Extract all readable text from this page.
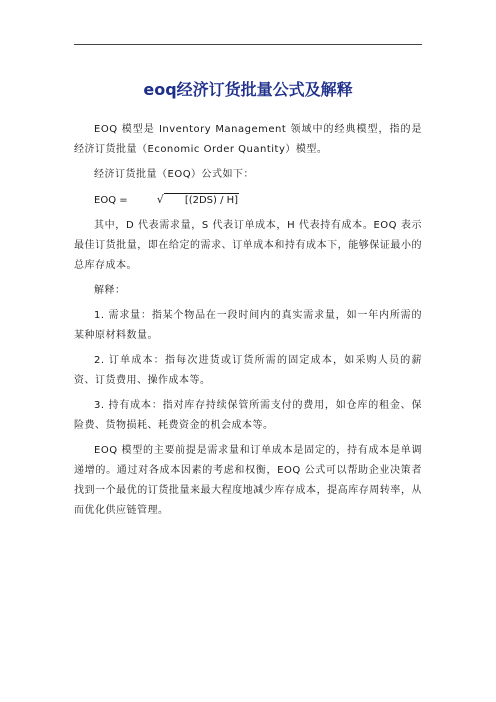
eoq经济订货批量公式及解释

EOQ 模型是 Inventory Management 领域中的经典模型，指的是经济订货批量（Economic Order Quantity）模型。

经济订货批量（EOQ）公式如下：

EOQ = √ [(2DS) / H]

其中，D 代表需求量，S 代表订单成本，H 代表持有成本。EOQ 表示最佳订货批量，即在给定的需求、订单成本和持有成本下，能够保证最小的总库存成本。

解释：

1. 需求量：指某个物品在一段时间内的真实需求量，如一年内所需的某种原材料数量。

2. 订单成本：指每次进货或订货所需的固定成本，如采购人员的薪资、订货费用、操作成本等。

3. 持有成本：指对库存持续保管所需支付的费用，如仓库的租金、保险费、货物损耗、耗费资金的机会成本等。

EOQ 模型的主要前提是需求量和订单成本是固定的，持有成本是单调递增的。通过对各成本因素的考虑和权衡，EOQ 公式可以帮助企业决策者找到一个最优的订货批量来最大程度地减少库存成本，提高库存周转率，从而优化供应链管理。
